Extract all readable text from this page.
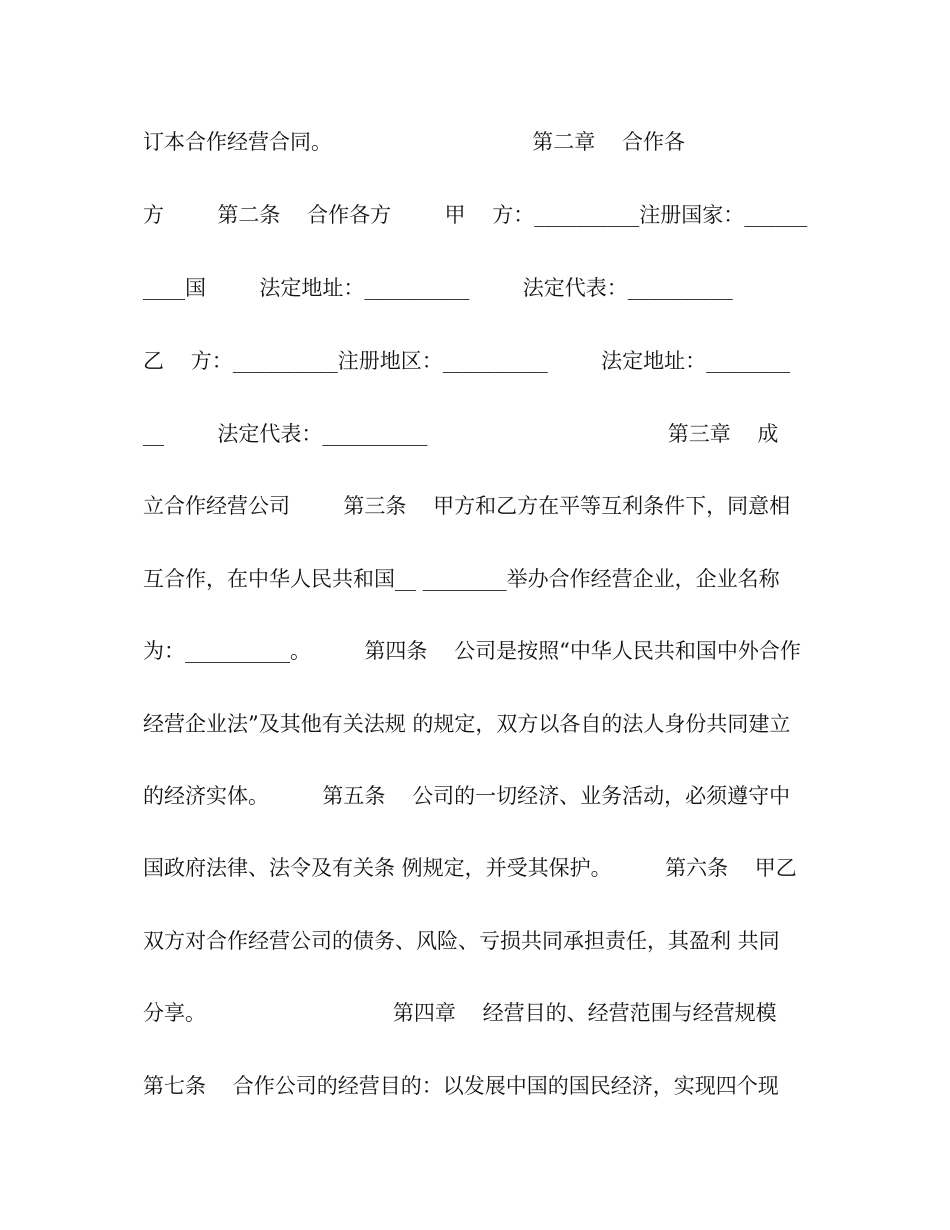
订本合作经营合同。                              第二章    合作各
方        第二条    合作各方        甲    方：__________注册国家：______
____国        法定地址：__________        法定代表：__________
乙    方：__________注册地区：__________        法定地址：________
__        法定代表：__________                                    第三章    成
立合作经营公司        第三条    甲方和乙方在平等互利条件下，同意相
互合作，在中华人民共和国__ ________举办合作经营企业，企业名称
为：__________。        第四条    公司是按照“中华人民共和国中外合作
经营企业法”及其他有关法规 的规定，双方以各自的法人身份共同建立
的经济实体。        第五条    公司的一切经济、业务活动，必须遵守中
国政府法律、法令及有关条 例规定，并受其保护。        第六条    甲乙
双方对合作经营公司的债务、风险、亏损共同承担责任，其盈利 共同
分享。                            第四章    经营目的、经营范围与经营规模
第七条    合作公司的经营目的：以发展中国的国民经济，实现四个现
